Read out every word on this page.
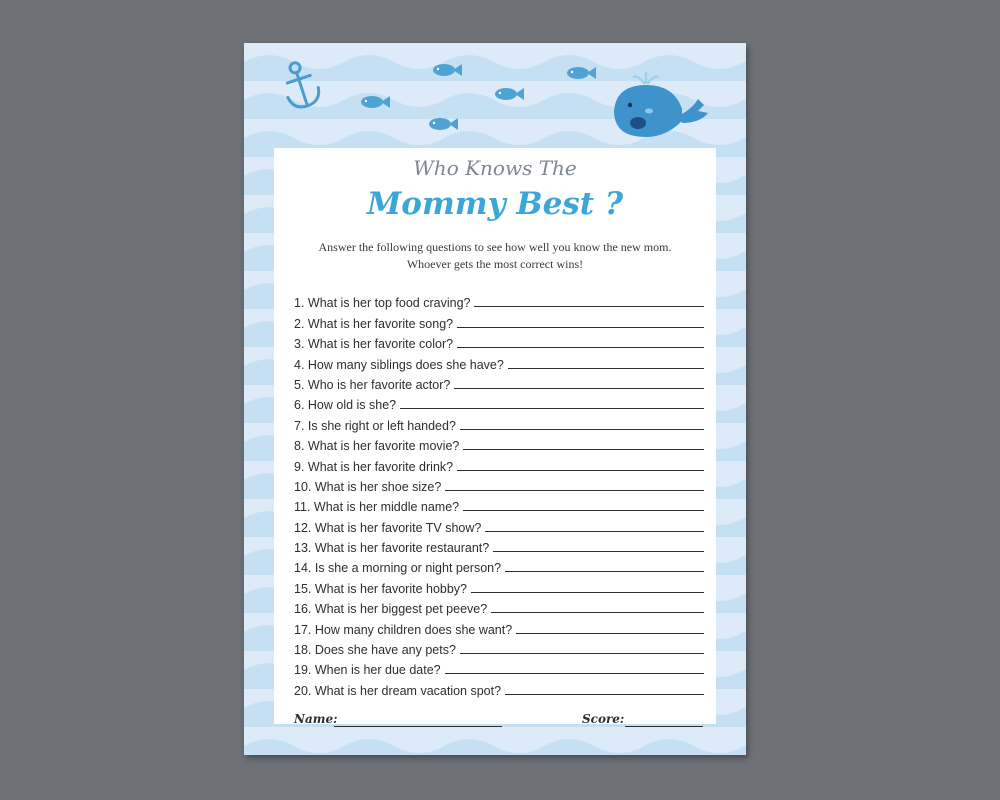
Who Knows The
Mommy Best ?
Answer the following questions to see how well you know the new mom.
Whoever gets the most correct wins!
1. What is her top food craving?
2. What is her favorite song?
3. What is her favorite color?
4. How many siblings does she have?
5. Who is her favorite actor?
6. How old is she?
7. Is she right or left handed?
8. What is her favorite movie?
9. What is her favorite drink?
10. What is her shoe size?
11. What is her middle name?
12. What is her favorite TV show?
13. What is her favorite restaurant?
14. Is she a morning or night person?
15. What is her favorite hobby?
16. What is her biggest pet peeve?
17. How many children does she want?
18. Does she have any pets?
19. When is her due date?
20. What is her dream vacation spot?
Name:	Score:
